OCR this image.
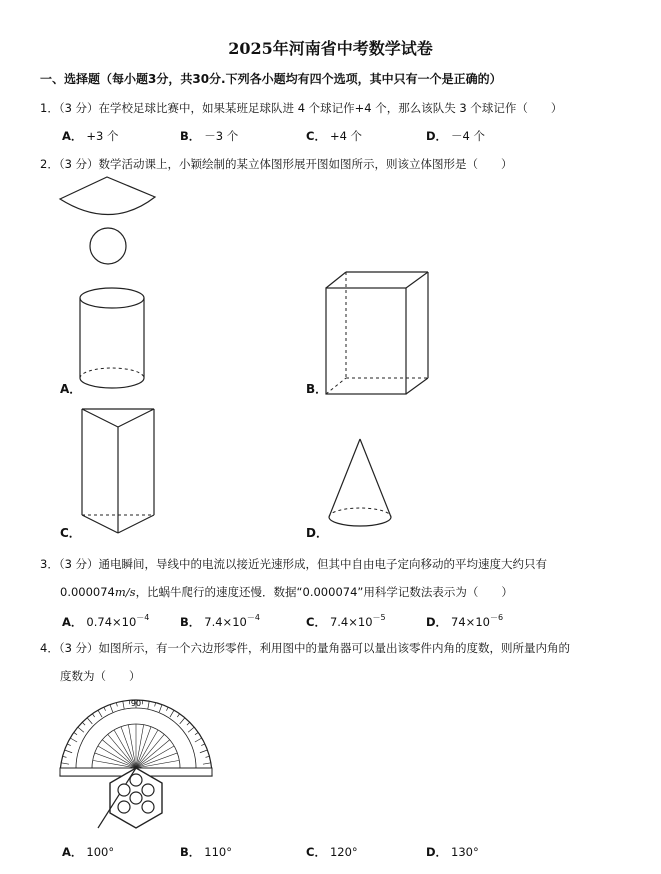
2025年河南省中考数学试卷
一、选择题（每小题3分，共30分.下列各小题均有四个选项，其中只有一个是正确的）
1．（3 分）在学校足球比赛中，如果某班足球队进 4 个球记作+4 个，那么该队失 3 个球记作（　　）
A． +3 个	B． －3 个	C． +4 个	D． －4 个
2．（3 分）数学活动课上，小颖绘制的某立体图形展开图如图所示，则该立体图形是（　　）
A．	B．
C．	D．
3．（3 分）通电瞬间，导线中的电流以接近光速形成，但其中自由电子定向移动的平均速度大约只有
0.000074m/s，比蜗牛爬行的速度还慢．数据“0.000074”用科学记数法表示为（　　）
A． $0.74\times 10^{-4}$	B． $7.4\times 10^{-4}$	C． $7.4\times 10^{-5}$	D． $74\times 10^{-6}$
4．（3 分）如图所示，有一个六边形零件，利用图中的量角器可以量出该零件内角的度数，则所量内角的
度数为（　　）
90
A． 100°	B． 110°	C． 120°	D． 130°
